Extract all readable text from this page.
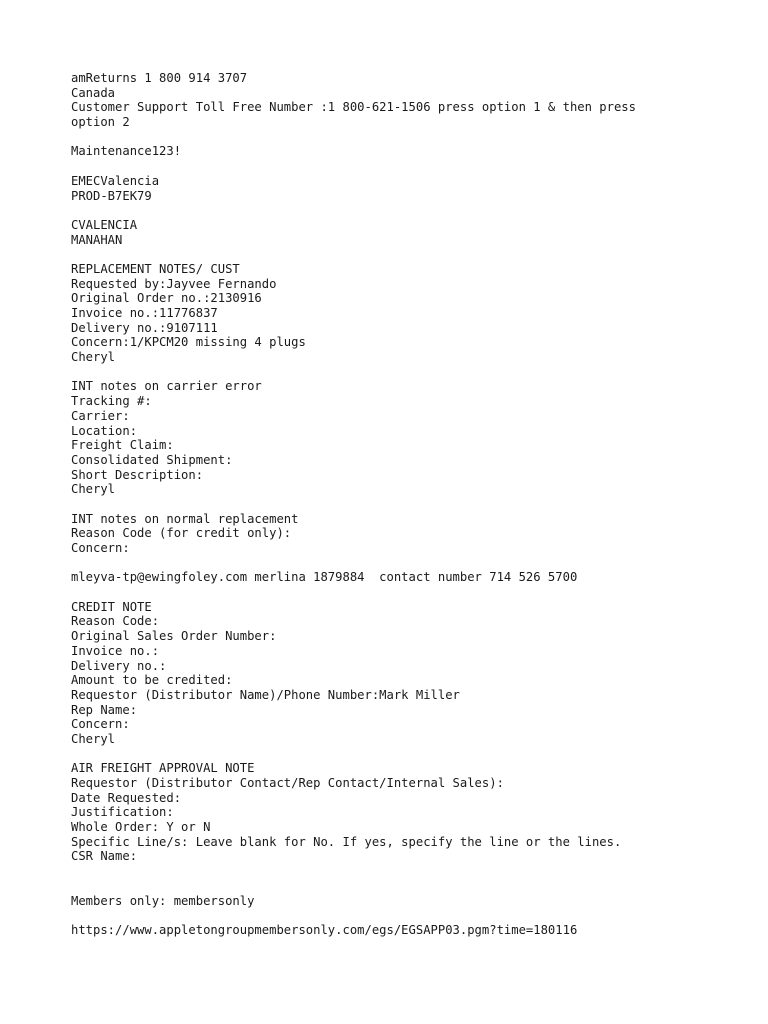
amReturns 1 800 914 3707
Canada
Customer Support Toll Free Number :1 800-621-1506 press option 1 & then press
option 2
Maintenance123!
EMECValencia
PROD-B7EK79
CVALENCIA
MANAHAN
REPLACEMENT NOTES/ CUST
Requested by:Jayvee Fernando
Original Order no.:2130916
Invoice no.:11776837
Delivery no.:9107111
Concern:1/KPCM20 missing 4 plugs
Cheryl
INT notes on carrier error
Tracking #:
Carrier:
Location:
Freight Claim:
Consolidated Shipment:
Short Description:
Cheryl
INT notes on normal replacement
Reason Code (for credit only):
Concern:
mleyva-tp@ewingfoley.com merlina 1879884  contact number 714 526 5700
CREDIT NOTE
Reason Code:
Original Sales Order Number:
Invoice no.:
Delivery no.:
Amount to be credited:
Requestor (Distributor Name)/Phone Number:Mark Miller
Rep Name:
Concern:
Cheryl
AIR FREIGHT APPROVAL NOTE
Requestor (Distributor Contact/Rep Contact/Internal Sales):
Date Requested:
Justification:
Whole Order: Y or N
Specific Line/s: Leave blank for No. If yes, specify the line or the lines.
CSR Name:
Members only: membersonly
https://www.appletongroupmembersonly.com/egs/EGSAPP03.pgm?time=180116
